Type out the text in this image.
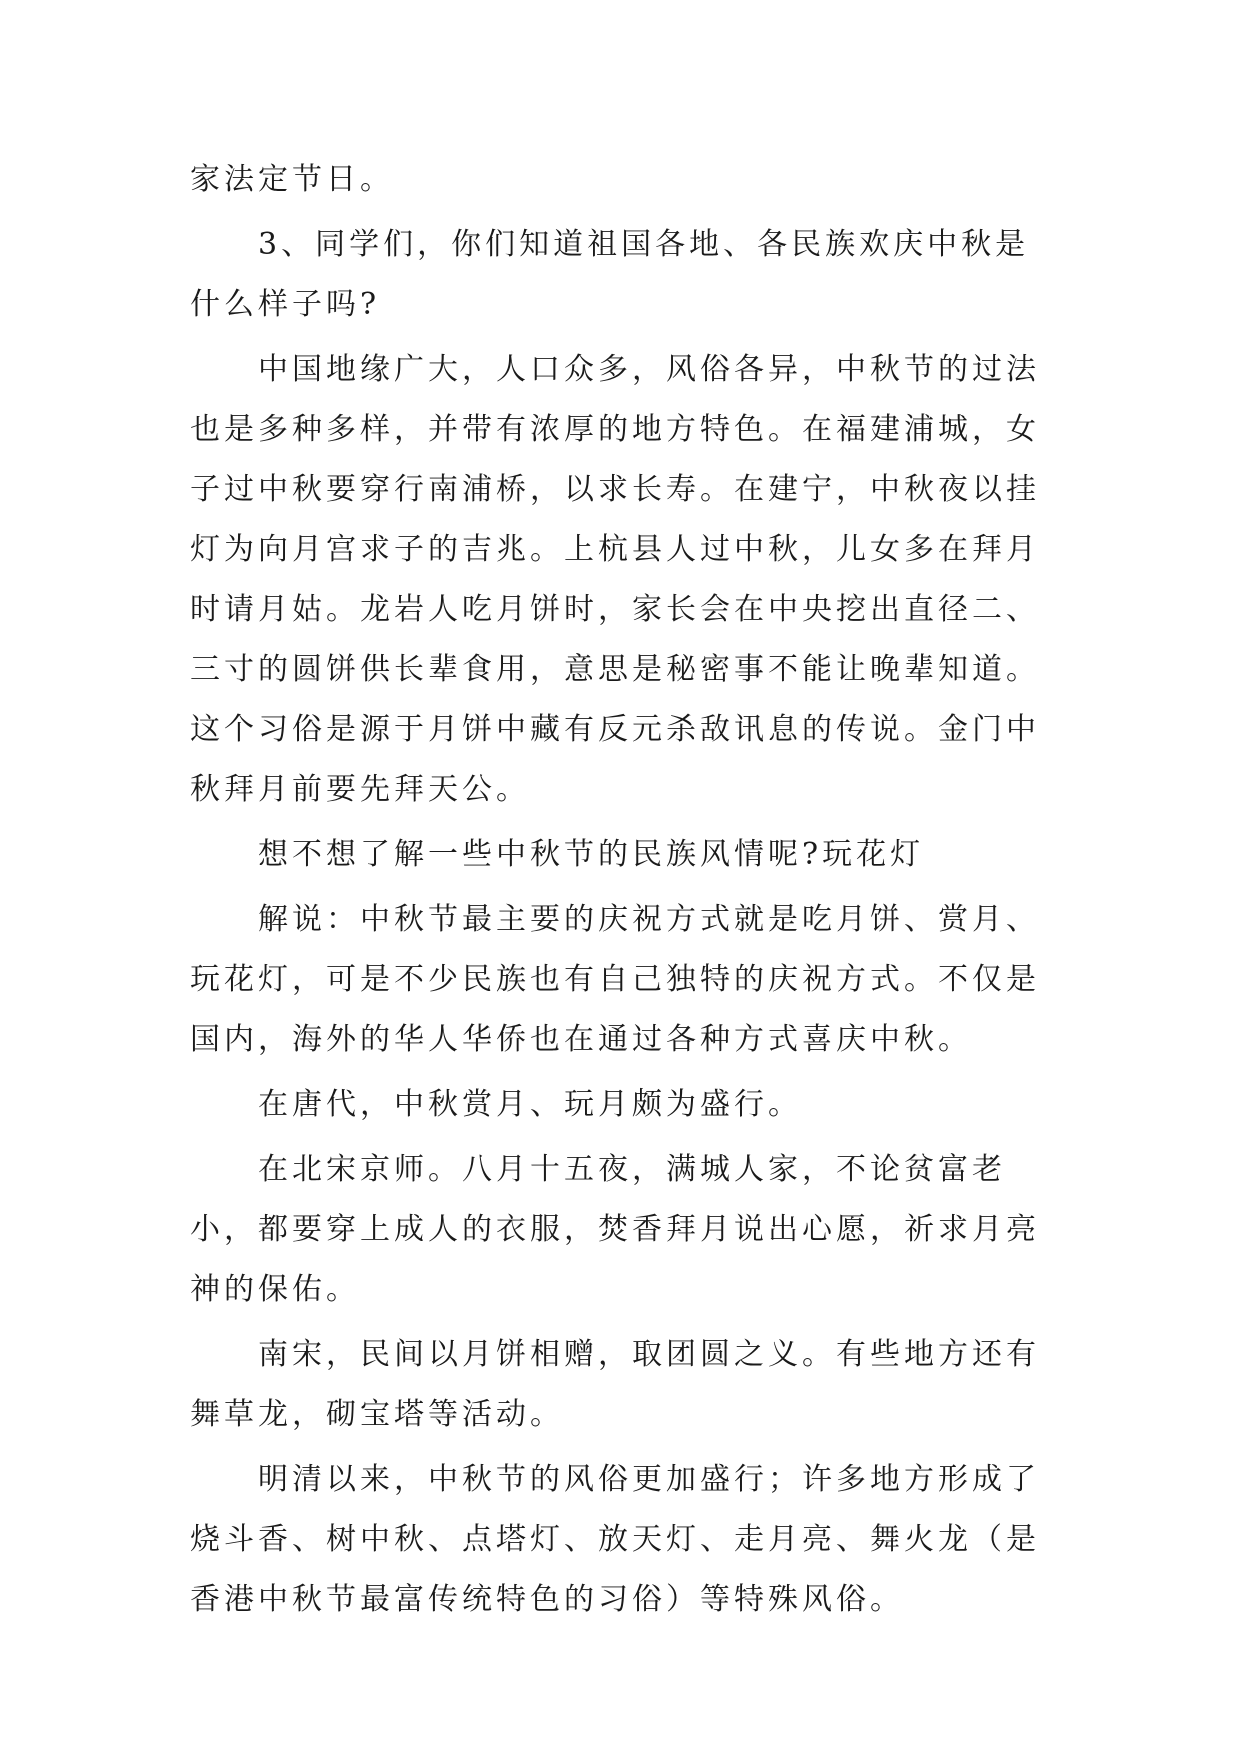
家法定节日。

3、同学们，你们知道祖国各地、各民族欢庆中秋是什么样子吗?

中国地缘广大，人口众多，风俗各异，中秋节的过法也是多种多样，并带有浓厚的地方特色。在福建浦城，女子过中秋要穿行南浦桥，以求长寿。在建宁，中秋夜以挂灯为向月宫求子的吉兆。上杭县人过中秋，儿女多在拜月时请月姑。龙岩人吃月饼时，家长会在中央挖出直径二、三寸的圆饼供长辈食用，意思是秘密事不能让晚辈知道。这个习俗是源于月饼中藏有反元杀敌讯息的传说。金门中秋拜月前要先拜天公。

想不想了解一些中秋节的民族风情呢?玩花灯

解说：中秋节最主要的庆祝方式就是吃月饼、赏月、玩花灯，可是不少民族也有自己独特的庆祝方式。不仅是国内，海外的华人华侨也在通过各种方式喜庆中秋。

在唐代，中秋赏月、玩月颇为盛行。

在北宋京师。八月十五夜，满城人家，不论贫富老小，都要穿上成人的衣服，焚香拜月说出心愿，祈求月亮神的保佑。

南宋，民间以月饼相赠，取团圆之义。有些地方还有舞草龙，砌宝塔等活动。

明清以来，中秋节的风俗更加盛行；许多地方形成了烧斗香、树中秋、点塔灯、放天灯、走月亮、舞火龙（是香港中秋节最富传统特色的习俗）等特殊风俗。
